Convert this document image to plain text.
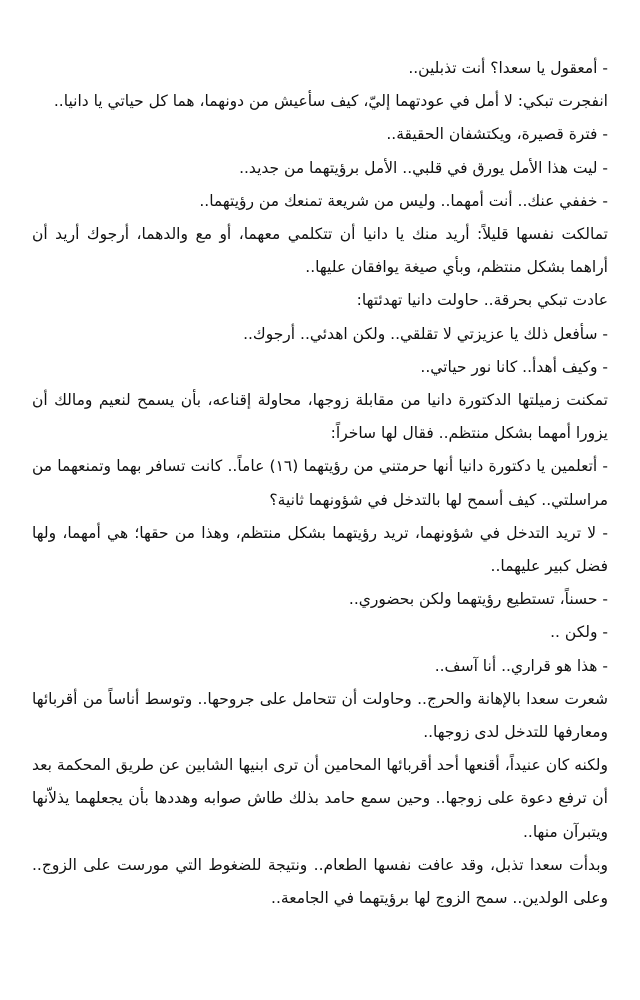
- أمعقول يا سعدا؟ أنت تذبلين..

انفجرت تبكي: لا أمل في عودتهما إليّ، كيف سأعيش من دونهما، هما كل حياتي يا دانيا..

- فترة قصيرة، ويكتشفان الحقيقة..

- ليت هذا الأمل يورق في قلبي.. الأمل برؤيتهما من جديد..

- خففي عنك.. أنت أمهما.. وليس من شريعة تمنعك من رؤيتهما..

تمالكت نفسها قليلاً: أريد منك يا دانيا أن تتكلمي معهما، أو مع والدهما، أرجوك أريد أن أراهما بشكل منتظم، وبأي صيغة يوافقان عليها..

عادت تبكي بحرقة.. حاولت دانيا تهدئتها:

- سأفعل ذلك يا عزيزتي لا تقلقي.. ولكن اهدئي.. أرجوك..

- وكيف أهدأ.. كانا نور حياتي..

تمكنت زميلتها الدكتورة دانيا من مقابلة زوجها، محاولة إقناعه، بأن يسمح لنعيم ومالك أن يزورا أمهما بشكل منتظم.. فقال لها ساخراً:

- أتعلمين يا دكتورة دانيا أنها حرمتني من رؤيتهما (١٦) عاماً.. كانت تسافر بهما وتمنعهما من مراسلتي.. كيف أسمح لها بالتدخل في شؤونهما ثانية؟

- لا تريد التدخل في شؤونهما، تريد رؤيتهما بشكل منتظم، وهذا من حقها؛ هي أمهما، ولها فضل كبير عليهما..

- حسناً، تستطيع رؤيتهما ولكن بحضوري..

- ولكن ..

- هذا هو قراري.. أنا آسف..

شعرت سعدا بالإهانة والحرج.. وحاولت أن تتحامل على جروحها.. وتوسط أناساً من أقربائها ومعارفها للتدخل لدى زوجها..

ولكنه كان عنيداً، أقنعها أحد أقربائها المحامين أن ترى ابنيها الشابين عن طريق المحكمة بعد أن ترفع دعوة على زوجها.. وحين سمع حامد بذلك طاش صوابه وهددها بأن يجعلهما يذلاّنها ويتبرآن منها..

وبدأت سعدا تذبل، وقد عافت نفسها الطعام.. ونتيجة للضغوط التي مورست على الزوج.. وعلى الولدين.. سمح الزوج لها برؤيتهما في الجامعة..
